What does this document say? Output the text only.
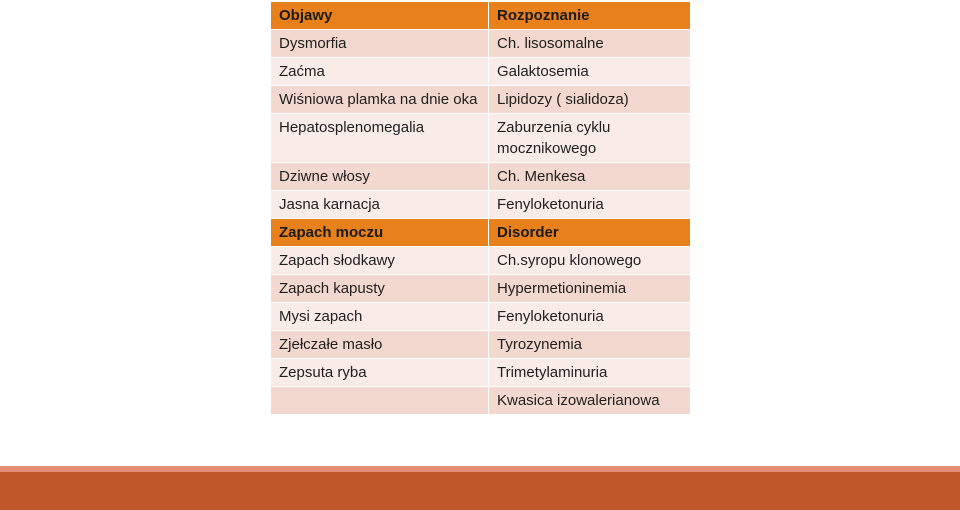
Objawy	Rozpoznanie
Dysmorfia	Ch. lisosomalne
Zaćma	Galaktosemia
Wiśniowa plamka na dnie oka	Lipidozy ( sialidoza)
Hepatosplenomegalia	Zaburzenia cyklu mocznikowego
Dziwne włosy	Ch. Menkesa
Jasna karnacja	Fenyloketonuria
Zapach moczu	Disorder
Zapach słodkawy	Ch.syropu klonowego
Zapach kapusty	Hypermetioninemia
Mysi zapach	Fenyloketonuria
Zjełczałe masło	Tyrozynemia
Zepsuta ryba	Trimetylaminuria
	Kwasica izowalerianowa
